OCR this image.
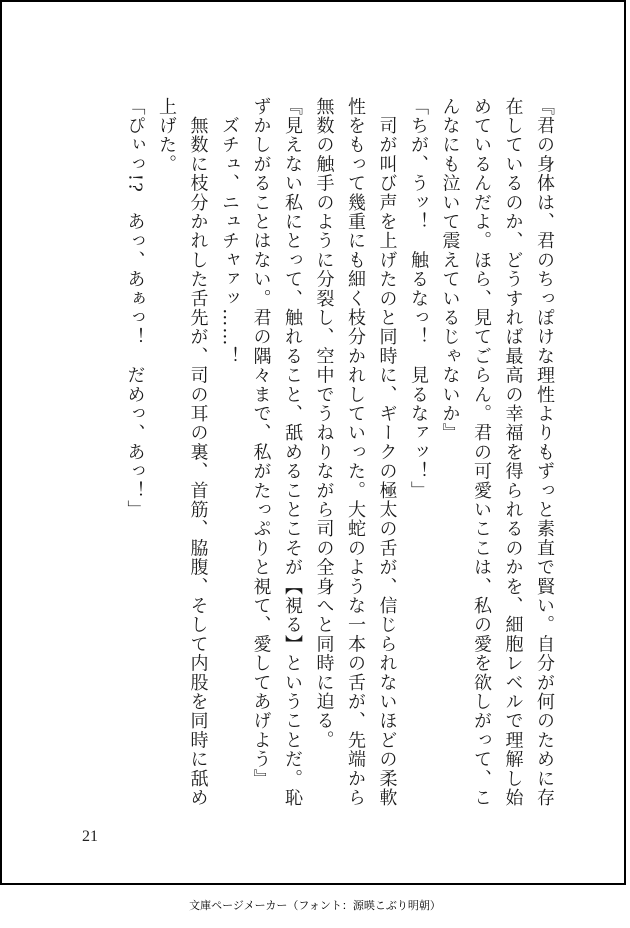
『君の身体は、君のちっぽけな理性よりもずっと素直で賢い。自分が何のために存在しているのか、どうすれば最高の幸福を得られるのかを、細胞レベルで理解し始めているんだよ。ほら、見てごらん。君の可愛いここは、私の愛を欲しがって、こんなにも泣いて震えているじゃないか』

「ちが、うッ！　触るなっ！　見るなァッ！」

　司が叫び声を上げたのと同時に、ギークの極太の舌が、信じられないほどの柔軟性をもって幾重にも細く枝分かれしていった。大蛇のような一本の舌が、先端から無数の触手のように分裂し、空中でうねりながら司の全身へと同時に迫る。

『見えない私にとって、触れること、舐めることこそが【視る】ということだ。恥ずかしがることはない。君の隅々まで、私がたっぷりと視て、愛してあげよう』

　ズチュ、ニュチャァッ……！

　無数に枝分かれした舌先が、司の耳の裏、首筋、脇腹、そして内股を同時に舐め上げた。

「ぴぃっ!?　あっ、あぁっ！　だめっ、あっ！」

21
文庫ページメーカー（フォント：源暎こぶり明朝）
